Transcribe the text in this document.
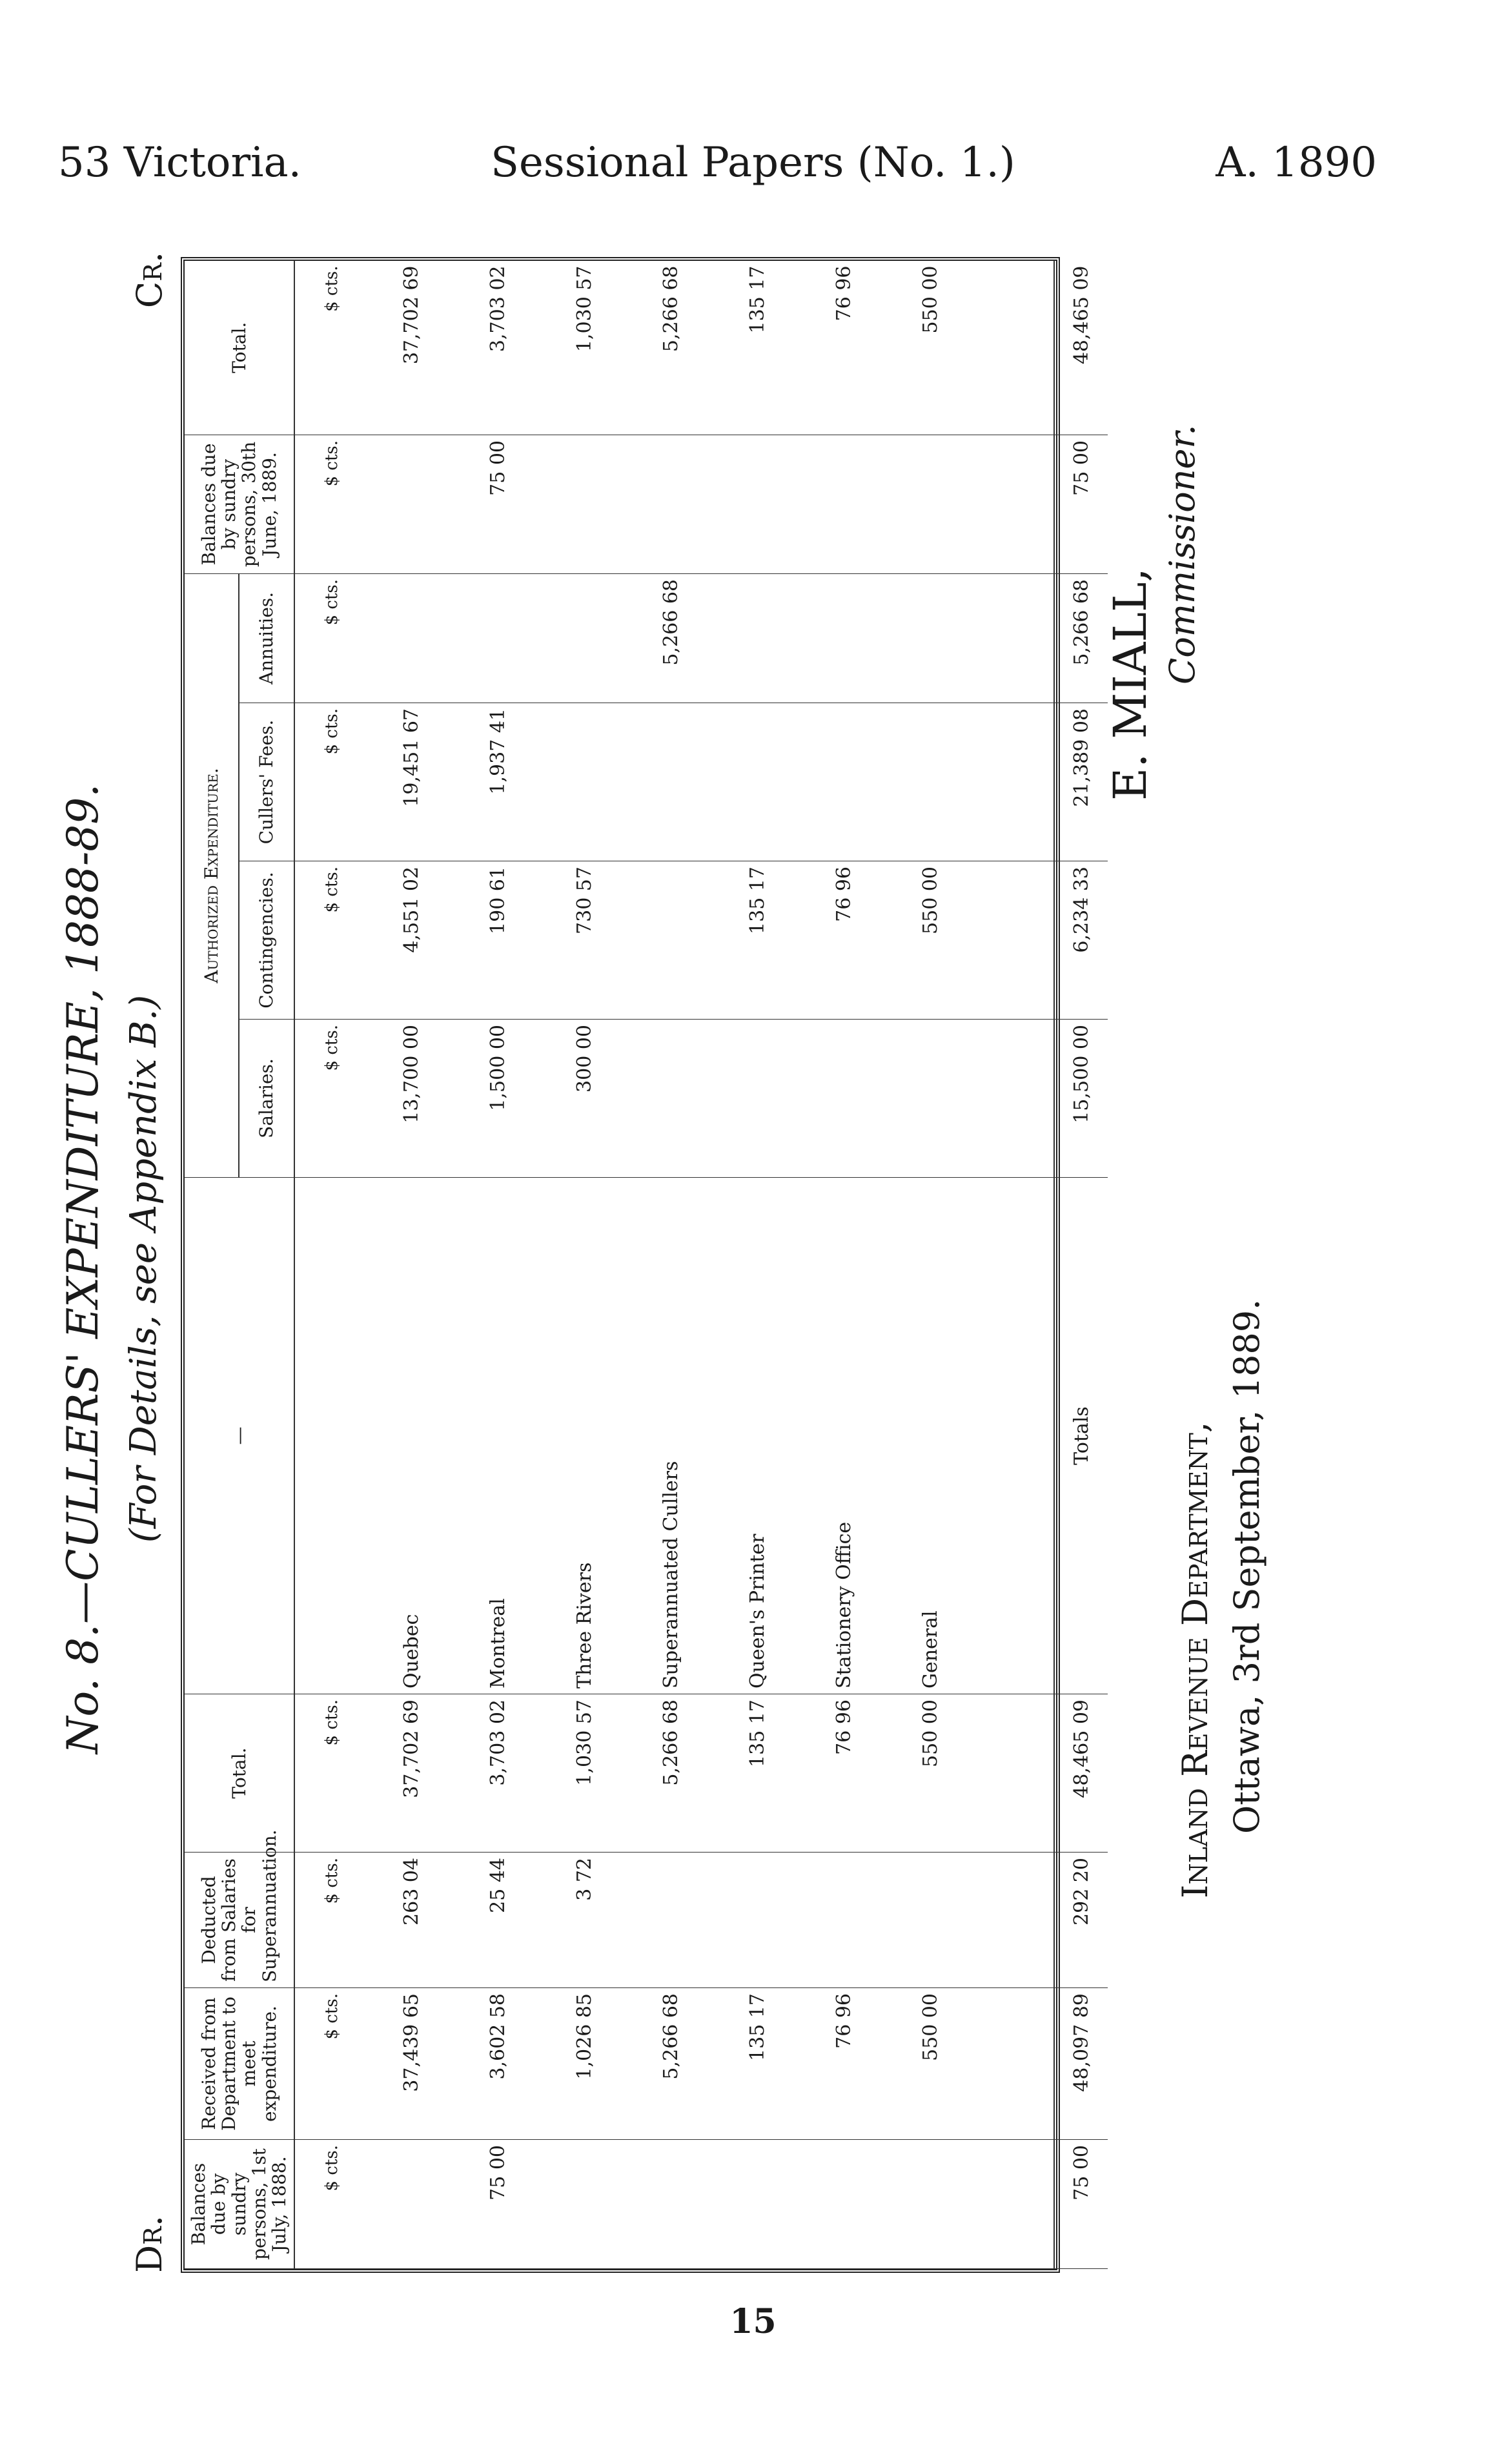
53 Victoria.	Sessional Papers (No. 1.)	A. 1890
No. 8.—CULLERS' EXPENDITURE, 1888-89. (For Details, see Appendix B.)
Dr.
Cr.
Balances due by sundry persons, 1st July, 1888.	Received from Department to meet expenditure.	Deducted from Salaries for Superannuation.	Total.	—	Authorized Expenditure.				Balances due by sundry persons, 30th June, 1889.	Total.
					Salaries.	Contingencies.	Cullers' Fees.	Annuities.		
$ cts.	$ cts.	$ cts.	$ cts.		$ cts.	$ cts.	$ cts.	$ cts.	$ cts.	$ cts.
	37,439 65	263 04	37,702 69	Quebec	13,700 00	4,551 02	19,451 67			37,702 69
75 00	3,602 58	25 44	3,703 02	Montreal	1,500 00	190 61	1,937 41		75 00	3,703 02
	1,026 85	3 72	1,030 57	Three Rivers	300 00	730 57				1,030 57
	5,266 68		5,266 68	Superannuated Cullers				5,266 68		5,266 68
	135 17		135 17	Queen's Printer		135 17				135 17
	76 96		76 96	Stationery Office		76 96				76 96
	550 00		550 00	General		550 00				550 00

75 00	48,097 89	292 20	48,465 09	Totals	15,500 00	6,234 33	21,389 08	5,266 68	75 00	48,465 09
Inland Revenue Department, Ottawa, 3rd September, 1889.
E. MIALL, Commissioner.
15
